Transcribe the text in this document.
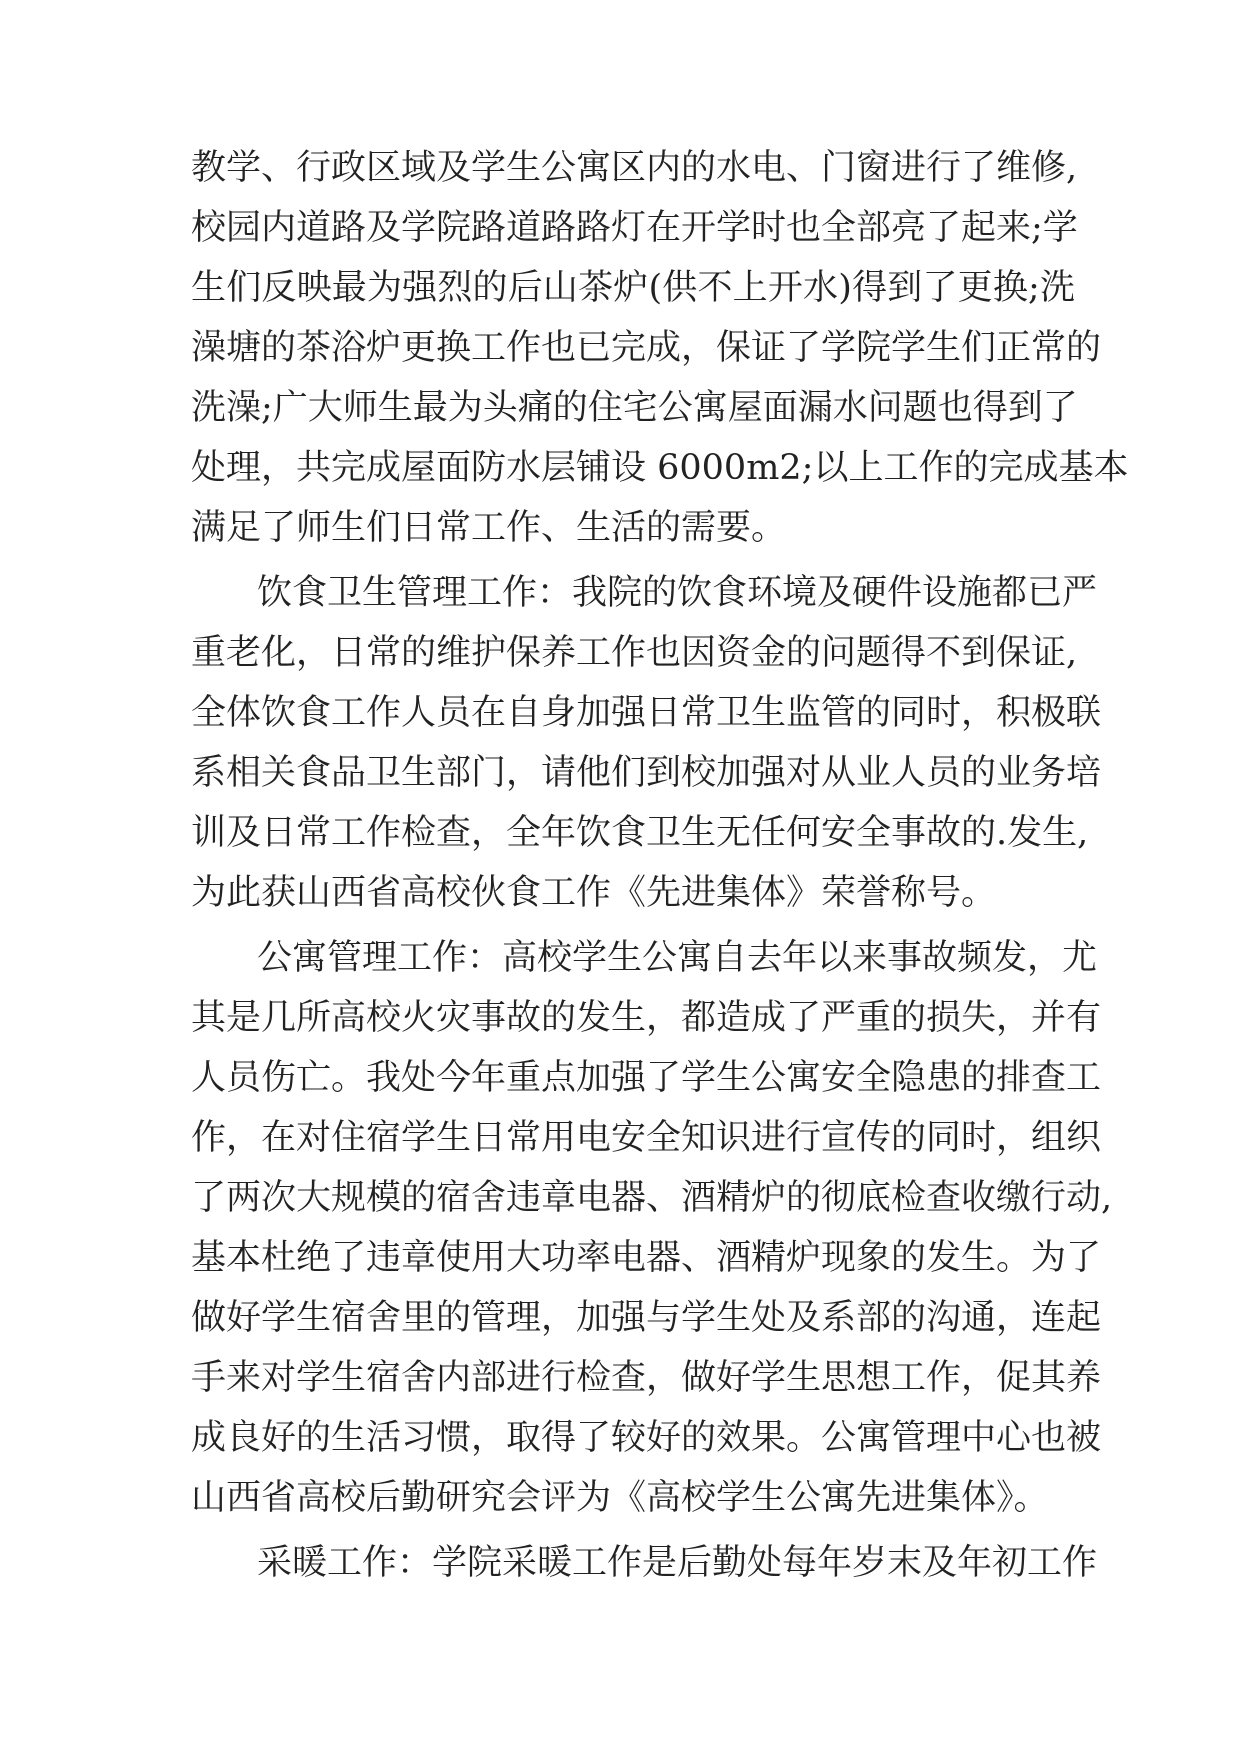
教学、行政区域及学生公寓区内的水电、门窗进行了维修,
校园内道路及学院路道路路灯在开学时也全部亮了起来;学
生们反映最为强烈的后山茶炉(供不上开水)得到了更换;洗
澡塘的茶浴炉更换工作也已完成，保证了学院学生们正常的
洗澡;广大师生最为头痛的住宅公寓屋面漏水问题也得到了
处理，共完成屋面防水层铺设 6000m2;以上工作的完成基本
满足了师生们日常工作、生活的需要。
饮食卫生管理工作：我院的饮食环境及硬件设施都已严
重老化，日常的维护保养工作也因资金的问题得不到保证,
全体饮食工作人员在自身加强日常卫生监管的同时，积极联
系相关食品卫生部门，请他们到校加强对从业人员的业务培
训及日常工作检查，全年饮食卫生无任何安全事故的.发生,
为此获山西省高校伙食工作《先进集体》荣誉称号。
公寓管理工作：高校学生公寓自去年以来事故频发，尤
其是几所高校火灾事故的发生，都造成了严重的损失，并有
人员伤亡。我处今年重点加强了学生公寓安全隐患的排查工
作，在对住宿学生日常用电安全知识进行宣传的同时，组织
了两次大规模的宿舍违章电器、酒精炉的彻底检查收缴行动,
基本杜绝了违章使用大功率电器、酒精炉现象的发生。为了
做好学生宿舍里的管理，加强与学生处及系部的沟通，连起
手来对学生宿舍内部进行检查，做好学生思想工作，促其养
成良好的生活习惯，取得了较好的效果。公寓管理中心也被
山西省高校后勤研究会评为《高校学生公寓先进集体》。
采暖工作：学院采暖工作是后勤处每年岁末及年初工作
